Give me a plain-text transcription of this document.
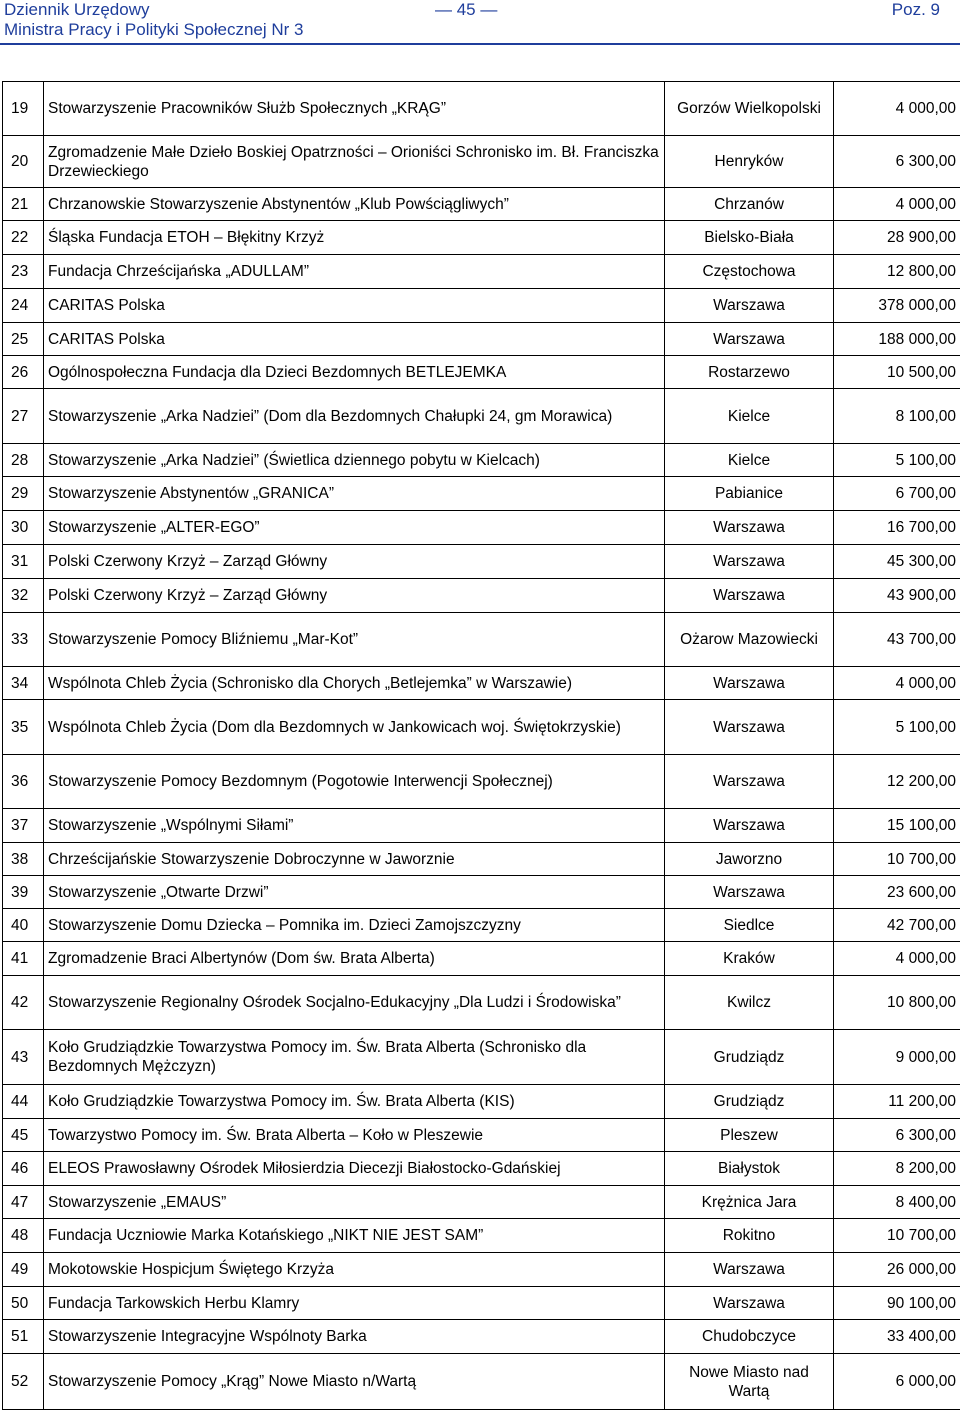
Dziennik Urzędowy
Ministra Pracy i Polityki Społecznej Nr 3
— 45 —	Poz. 9
19	Stowarzyszenie Pracowników Służb Społecznych „KRĄG”	Gorzów Wielkopolski	4 000,00
20	Zgromadzenie Małe Dzieło Boskiej Opatrzności – Orioniści Schronisko im. Bł. Franciszka Drzewieckiego	Henryków	6 300,00
21	Chrzanowskie Stowarzyszenie Abstynentów „Klub Powściągliwych”	Chrzanów	4 000,00
22	Śląska Fundacja ETOH – Błękitny Krzyż	Bielsko-Biała	28 900,00
23	Fundacja Chrześcijańska „ADULLAM”	Częstochowa	12 800,00
24	CARITAS Polska	Warszawa	378 000,00
25	CARITAS Polska	Warszawa	188 000,00
26	Ogólnospołeczna Fundacja dla Dzieci Bezdomnych BETLEJEMKA	Rostarzewo	10 500,00
27	Stowarzyszenie „Arka Nadziei” (Dom dla Bezdomnych Chałupki 24, gm Morawica)	Kielce	8 100,00
28	Stowarzyszenie „Arka Nadziei” (Świetlica dziennego pobytu w Kielcach)	Kielce	5 100,00
29	Stowarzyszenie Abstynentów „GRANICA”	Pabianice	6 700,00
30	Stowarzyszenie „ALTER-EGO”	Warszawa	16 700,00
31	Polski Czerwony Krzyż – Zarząd Główny	Warszawa	45 300,00
32	Polski Czerwony Krzyż – Zarząd Główny	Warszawa	43 900,00
33	Stowarzyszenie Pomocy Bliźniemu „Mar-Kot”	Ożarow Mazowiecki	43 700,00
34	Wspólnota Chleb Życia (Schronisko dla Chorych „Betlejemka” w Warszawie)	Warszawa	4 000,00
35	Wspólnota Chleb Życia (Dom dla Bezdomnych w Jankowicach woj. Świętokrzyskie)	Warszawa	5 100,00
36	Stowarzyszenie Pomocy Bezdomnym (Pogotowie Interwencji Społecznej)	Warszawa	12 200,00
37	Stowarzyszenie „Wspólnymi Siłami”	Warszawa	15 100,00
38	Chrześcijańskie Stowarzyszenie Dobroczynne w Jaworznie	Jaworzno	10 700,00
39	Stowarzyszenie „Otwarte Drzwi”	Warszawa	23 600,00
40	Stowarzyszenie Domu Dziecka – Pomnika im. Dzieci Zamojszczyzny	Siedlce	42 700,00
41	Zgromadzenie Braci Albertynów (Dom św. Brata Alberta)	Kraków	4 000,00
42	Stowarzyszenie Regionalny Ośrodek Socjalno-Edukacyjny „Dla Ludzi i Środowiska”	Kwilcz	10 800,00
43	Koło Grudziądzkie Towarzystwa Pomocy im. Św. Brata Alberta (Schronisko dla Bezdomnych Mężczyzn)	Grudziądz	9 000,00
44	Koło Grudziądzkie Towarzystwa Pomocy im. Św. Brata Alberta (KIS)	Grudziądz	11 200,00
45	Towarzystwo Pomocy im. Św. Brata Alberta – Koło w Pleszewie	Pleszew	6 300,00
46	ELEOS Prawosławny Ośrodek Miłosierdzia Diecezji Białostocko-Gdańskiej	Białystok	8 200,00
47	Stowarzyszenie „EMAUS”	Krężnica Jara	8 400,00
48	Fundacja Uczniowie Marka Kotańskiego „NIKT NIE JEST SAM”	Rokitno	10 700,00
49	Mokotowskie Hospicjum Świętego Krzyża	Warszawa	26 000,00
50	Fundacja Tarkowskich Herbu Klamry	Warszawa	90 100,00
51	Stowarzyszenie Integracyjne Wspólnoty Barka	Chudobczyce	33 400,00
52	Stowarzyszenie Pomocy „Krąg” Nowe Miasto n/Wartą	Nowe Miasto nad Wartą	6 000,00
